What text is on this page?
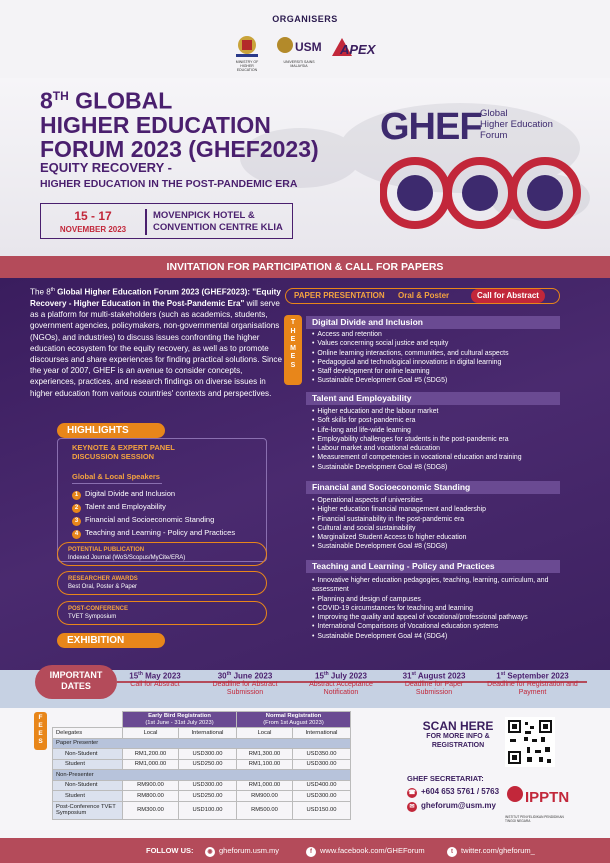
ORGANISERS
MINISTRY OF HIGHER EDUCATION
USM
UNIVERSITI SAINS MALAYSIA
APEX
8TH GLOBAL
HIGHER EDUCATION
FORUM 2023 (GHEF2023)
EQUITY RECOVERY -
HIGHER EDUCATION IN THE POST-PANDEMIC ERA
15 - 17
NOVEMBER 2023
MOVENPICK HOTEL & CONVENTION CENTRE KLIA
GHEF
Global
Higher Education
Forum
INVITATION FOR PARTICIPATION & CALL FOR PAPERS
The 8th Global Higher Education Forum 2023 (GHEF2023): "Equity Recovery - Higher Education in the Post-Pandemic Era" will serve as a platform for multi-stakeholders (such as academics, students, government agencies, policymakers, non-governmental organisations (NGOs), and industries) to discuss issues confronting the higher education ecosystem for the equity recovery, as well as to promote discourses and share experiences for finding practical solutions. Since the year of 2007, GHEF is an avenue to consider concepts, experiences, practices, and research findings on diverse issues in higher education from various countries' contexts and perspectives.
HIGHLIGHTS
KEYNOTE & EXPERT PANEL DISCUSSION SESSION
Global & Local Speakers
1 Digital Divide and Inclusion
2 Talent and Employability
3 Financial and Socioeconomic Standing
4 Teaching and Learning - Policy and Practices
POTENTIAL PUBLICATION
Indexed Journal (WoS/Scopus/MyCite/ERA)
RESEARCHER AWARDS
Best Oral, Poster & Paper
POST-CONFERENCE
TVET Symposium
EXHIBITION
PAPER PRESENTATION Oral & Poster	Call for Abstract
T
H
E
M
E
S
Digital Divide and Inclusion
• Access and retention
• Values concerning social justice and equity
• Online learning interactions, communities, and cultural aspects
• Pedagogical and technological innovations in digital learning
• Staff development for online learning
• Sustainable Development Goal #5 (SDG5)
Talent and Employability
• Higher education and the labour market
• Soft skills for post-pandemic era
• Life-long and life-wide learning
• Employability challenges for students in the post-pandemic era
• Labour market and vocational education
• Measurement of competencies in vocational education and training
• Sustainable Development Goal #8 (SDG8)
Financial and Socioeconomic Standing
• Operational aspects of universities
• Higher education financial management and leadership
• Financial sustainability in the post-pandemic era
• Cultural and social sustainability
• Marginalized Student Access to higher education
• Sustainable Development Goal #8 (SDG8)
Teaching and Learning - Policy and Practices
• Innovative higher education pedagogies, teaching, learning, curriculum, and assessment
• Planning and design of campuses
• COVID-19 circumstances for teaching and learning
• Improving the quality and appeal of vocational/professional pathways
• International Comparisons of Vocational education systems
• Sustainable Development Goal #4 (SDG4)
IMPORTANT DATES
15th May 2023
Call for Abstract
30th June 2023
Deadline for Abstract Submission
15th July 2023
Abstract Acceptance Notification
31st August 2023
Deadline for Paper Submission
1st September 2023
Deadline for Registration and Payment
F
E
E
S
	Early Bird Registration
(1st June - 31st July 2023)		Normal Registration
(From 1st August 2023)	
Delegates	Local	International	Local	International
Paper Presenter				
Non-Student	RM1,200.00	USD300.00	RM1,300.00	USD350.00
Student	RM1,000.00	USD250.00	RM1,100.00	USD300.00
Non-Presenter				
Non-Student	RM900.00	USD300.00	RM1,000.00	USD400.00
Student	RM800.00	USD250.00	RM900.00	USD300.00
Post-Conference TVET Symposium	RM300.00	USD100.00	RM500.00	USD150.00
SCAN HERE
FOR MORE INFO &
REGISTRATION
GHEF SECRETARIAT:
☎ +604 653 5761 / 5763
✉ gheforum@usm.my IPPTN
INSTITUT PENYELIDIKAN PENDIDIKAN TINGGI NEGARA
FOLLOW US:	◉ gheforum.usm.my	f www.facebook.com/GHEForum	t twitter.com/gheforum_
